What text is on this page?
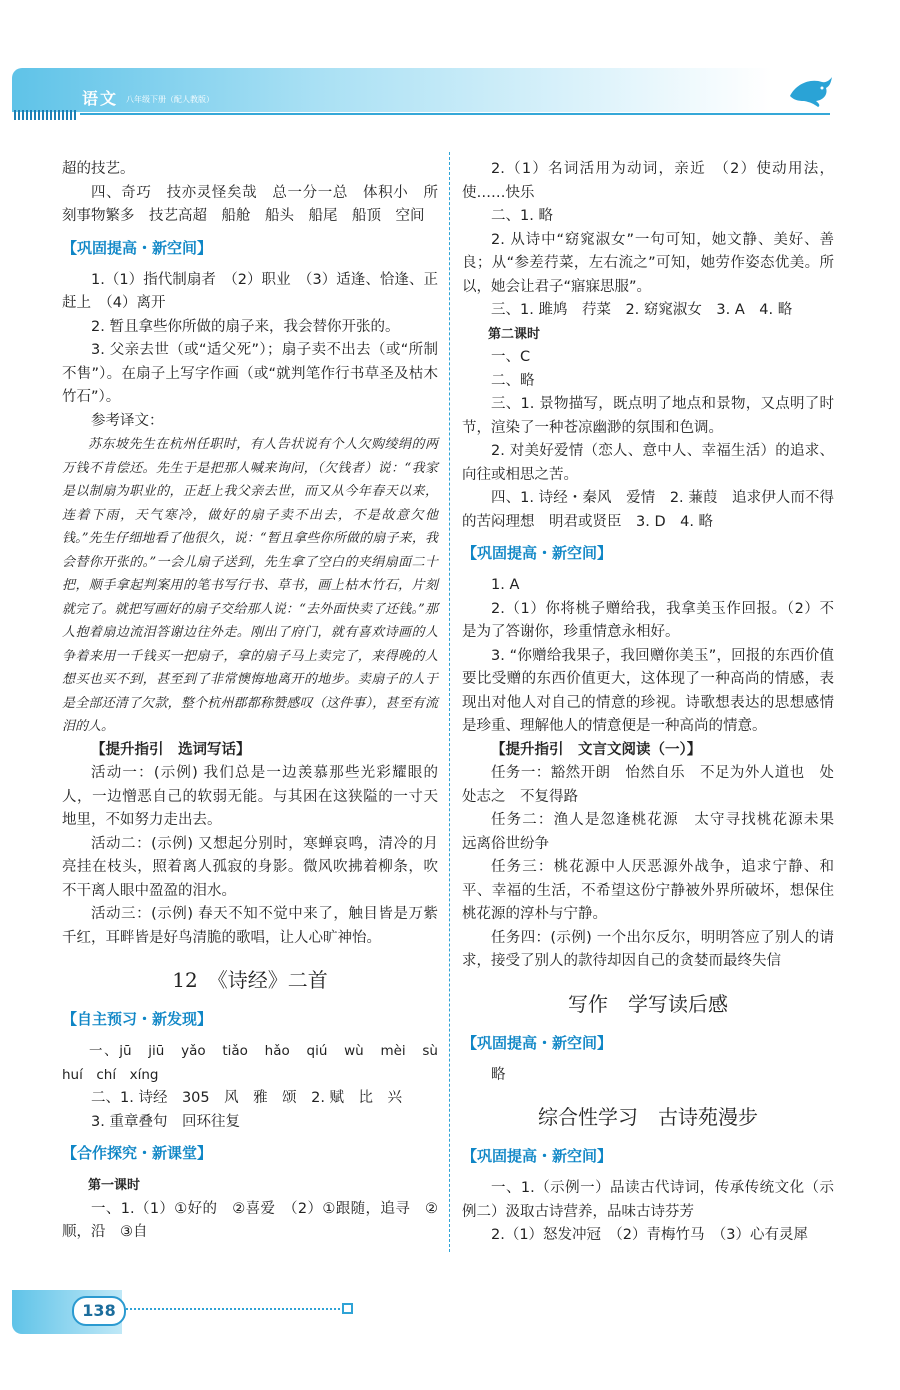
语文 八年级下册（配人教版）

超的技艺。

四、奇巧　技亦灵怪矣哉　总一分一总　体积小　所刻事物繁多　技艺高超　船舱　船头　船尾　船顶　空间

【巩固提高・新空间】

1.（1）指代制扇者　（2）职业　（3）适逢、恰逢、正赶上　（4）离开

2. 暂且拿些你所做的扇子来，我会替你开张的。

3. 父亲去世（或“适父死”）；扇子卖不出去（或“所制不售”）。在扇子上写字作画（或“就判笔作行书草圣及枯木竹石”）。

参考译文：

苏东坡先生在杭州任职时，有人告状说有个人欠购绫绢的两万钱不肯偿还。先生于是把那人喊来询问，（欠钱者）说：“我家是以制扇为职业的，正赶上我父亲去世，而又从今年春天以来，连着下雨，天气寒冷，做好的扇子卖不出去，不是故意欠他钱。”先生仔细地看了他很久，说：“暂且拿些你所做的扇子来，我会替你开张的。”一会儿扇子送到，先生拿了空白的夹绢扇面二十把，顺手拿起判案用的笔书写行书、草书，画上枯木竹石，片刻就完了。就把写画好的扇子交给那人说：“去外面快卖了还钱。”那人抱着扇边流泪答谢边往外走。刚出了府门，就有喜欢诗画的人争着来用一千钱买一把扇子，拿的扇子马上卖完了，来得晚的人想买也买不到，甚至到了非常懊悔地离开的地步。卖扇子的人于是全部还清了欠款，整个杭州郡都称赞感叹（这件事），甚至有流泪的人。

【提升指引　选词写话】

活动一：(示例) 我们总是一边羡慕那些光彩耀眼的人，一边憎恶自己的软弱无能。与其困在这狭隘的一寸天地里，不如努力走出去。

活动二：(示例) 又想起分别时，寒蝉哀鸣，清冷的月亮挂在枝头，照着离人孤寂的身影。微风吹拂着柳条，吹不干离人眼中盈盈的泪水。

活动三：(示例) 春天不知不觉中来了，触目皆是万紫千红，耳畔皆是好鸟清脆的歌唱，让人心旷神怡。

12　《诗经》二首
【自主预习・新发现】

一、jū　jiū　yǎo　tiǎo　hǎo　qiú　wù　mèi　sù　huí　chí　xíng

二、1. 诗经　305　风　雅　颂　2. 赋　比　兴

3. 重章叠句　回环往复

【合作探究・新课堂】

第一课时

一、1.（1）①好的　②喜爱　（2）①跟随，追寻　②顺，沿　③自

2.（1）名词活用为动词，亲近　（2）使动用法，使……快乐

二、1. 略

2. 从诗中“窈窕淑女”一句可知，她文静、美好、善良；从“参差荇菜，左右流之”可知，她劳作姿态优美。所以，她会让君子“寤寐思服”。

三、1. 雎鸠　荇菜　2. 窈窕淑女　3. A　4. 略

第二课时

一、C

二、略

三、1. 景物描写，既点明了地点和景物，又点明了时节，渲染了一种苍凉幽渺的氛围和色调。

2. 对美好爱情（恋人、意中人、幸福生活）的追求、向往或相思之苦。

四、1. 诗经・秦风　爱情　2. 蒹葭　追求伊人而不得的苦闷理想　明君或贤臣　3. D　4. 略

【巩固提高・新空间】

1. A

2.（1）你将桃子赠给我，我拿美玉作回报。（2）不是为了答谢你，珍重情意永相好。

3. “你赠给我果子，我回赠你美玉”，回报的东西价值要比受赠的东西价值更大，这体现了一种高尚的情感，表现出对他人对自己的情意的珍视。诗歌想表达的思想感情是珍重、理解他人的情意便是一种高尚的情意。

【提升指引　文言文阅读（一）】

任务一：豁然开朗　怡然自乐　不足为外人道也　处处志之　不复得路

任务二：渔人是忽逢桃花源　太守寻找桃花源未果　远离俗世纷争

任务三：桃花源中人厌恶源外战争，追求宁静、和平、幸福的生活，不希望这份宁静被外界所破坏，想保住桃花源的淳朴与宁静。

任务四：(示例) 一个出尔反尔，明明答应了别人的请求，接受了别人的款待却因自己的贪婪而最终失信

写作　学写读后感
【巩固提高・新空间】

略

综合性学习　古诗苑漫步
【巩固提高・新空间】

一、1.（示例一）品读古代诗词，传承传统文化（示例二）汲取古诗营养，品味古诗芬芳

2.（1）怒发冲冠　（2）青梅竹马　（3）心有灵犀

138
